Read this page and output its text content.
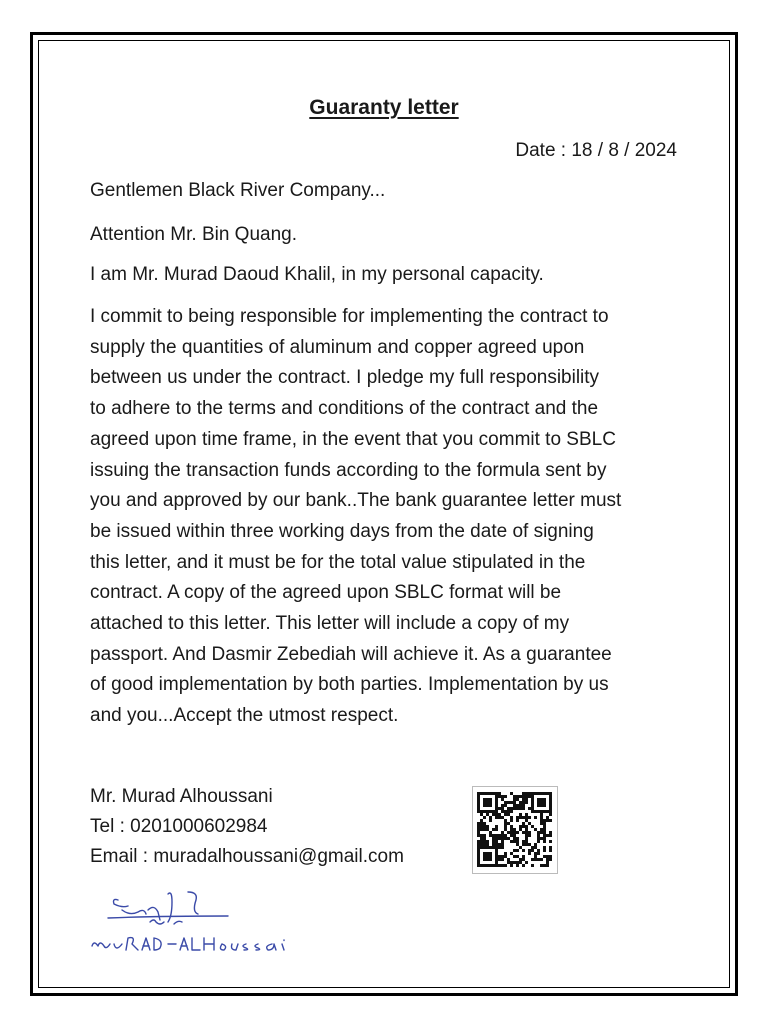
Guaranty letter
Date : 18 / 8 / 2024
Gentlemen Black River Company...
Attention Mr. Bin Quang.
I am Mr. Murad Daoud Khalil, in my personal capacity.
I commit to being responsible for implementing the contract to
supply the quantities of aluminum and copper agreed upon
between us under the contract. I pledge my full responsibility
to adhere to the terms and conditions of the contract and the
agreed upon time frame, in the event that you commit to SBLC
issuing the transaction funds according to the formula sent by
you and approved by our bank..The bank guarantee letter must
be issued within three working days from the date of signing
this letter, and it must be for the total value stipulated in the
contract. A copy of the agreed upon SBLC format will be
attached to this letter. This letter will include a copy of my
passport. And Dasmir Zebediah will achieve it. As a guarantee
of good implementation by both parties. Implementation by us
and you...Accept the utmost respect.
Mr. Murad Alhoussani
Tel : 0201000602984
Email : muradalhoussani@gmail.com
